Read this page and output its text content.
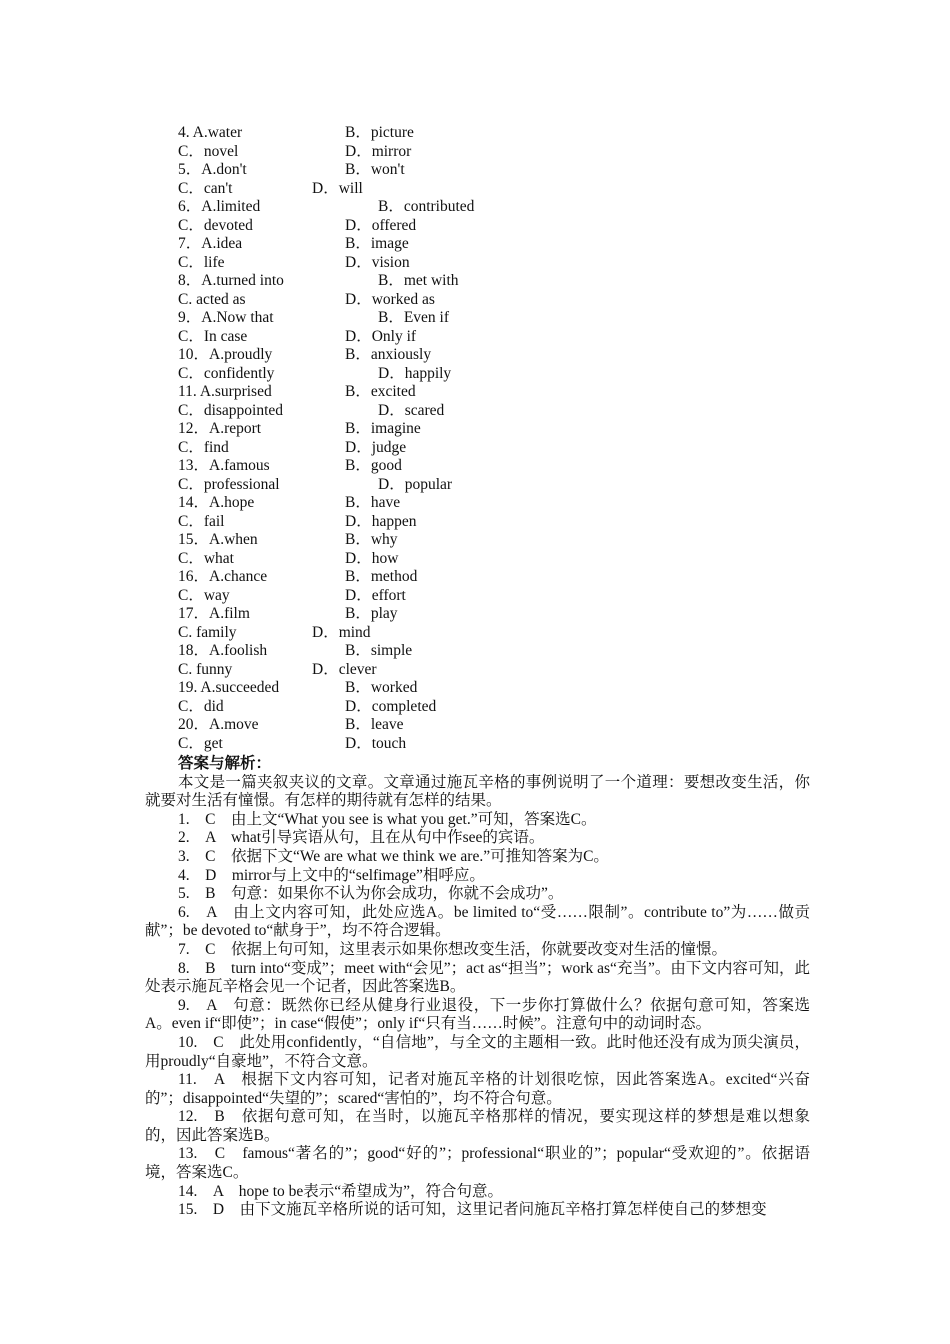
4. A.water	B．picture
C．novel	D．mirror
5．A.don't	B．won't
C．can't	D．will
6．A.limited	B．contributed
C．devoted	D．offered
7．A.idea	B．image
C．life	D．vision
8．A.turned into	B．met with
C. acted as	D．worked as
9．A.Now that	B．Even if
C．In case	D．Only if
10．A.proudly	B．anxiously
C．confidently	D．happily
11. A.surprised	B．excited
C．disappointed	D．scared
12．A.report	B．imagine
C．find	D．judge
13．A.famous	B．good
C．professional	D．popular
14．A.hope	B．have
C．fail	D．happen
15．A.when	B．why
C．what	D．how
16．A.chance	B．method
C．way	D．effort
17．A.film	B．play
C. family	D．mind
18．A.foolish	B．simple
C. funny	D．clever
19. A.succeeded	B．worked
C．did	D．completed
20．A.move	B．leave
C．get	D．touch

答案与解析：

本文是一篇夹叙夹议的文章。文章通过施瓦辛格的事例说明了一个道理：要想改变生活，你就要对生活有憧憬。有怎样的期待就有怎样的结果。

1.　C　由上文“What you see is what you get.”可知，答案选C。

2.　A　what引导宾语从句，且在从句中作see的宾语。

3.　C　依据下文“We are what we think we are.”可推知答案为C。

4.　D　mirror与上文中的“selfimage”相呼应。

5.　B　句意：如果你不认为你会成功，你就不会成功”。

6.　A　由上文内容可知，此处应选A。be limited to“受……限制”。contribute to”为……做贡献”；be devoted to“献身于”，均不符合逻辑。

7.　C　依据上句可知，这里表示如果你想改变生活，你就要改变对生活的憧憬。

8.　B　turn into“变成”；meet with“会见”；act as“担当”；work as“充当”。由下文内容可知，此处表示施瓦辛格会见一个记者，因此答案选B。

9.　A　句意：既然你已经从健身行业退役，下一步你打算做什么？依据句意可知，答案选A。even if“即使”；in case“假使”；only if“只有当……时候”。注意句中的动词时态。

10.　C　此处用confidently，“自信地”，与全文的主题相一致。此时他还没有成为顶尖演员，用proudly“自豪地”，不符合文意。

11.　A　根据下文内容可知，记者对施瓦辛格的计划很吃惊，因此答案选A。excited“兴奋的”；disappointed“失望的”；scared“害怕的”，均不符合句意。

12.　B　依据句意可知，在当时，以施瓦辛格那样的情况，要实现这样的梦想是难以想象的，因此答案选B。

13.　C　famous“著名的”；good“好的”；professional“职业的”；popular“受欢迎的”。依据语境，答案选C。

14.　A　hope to be表示“希望成为”，符合句意。

15.　D　由下文施瓦辛格所说的话可知，这里记者问施瓦辛格打算怎样使自己的梦想变
